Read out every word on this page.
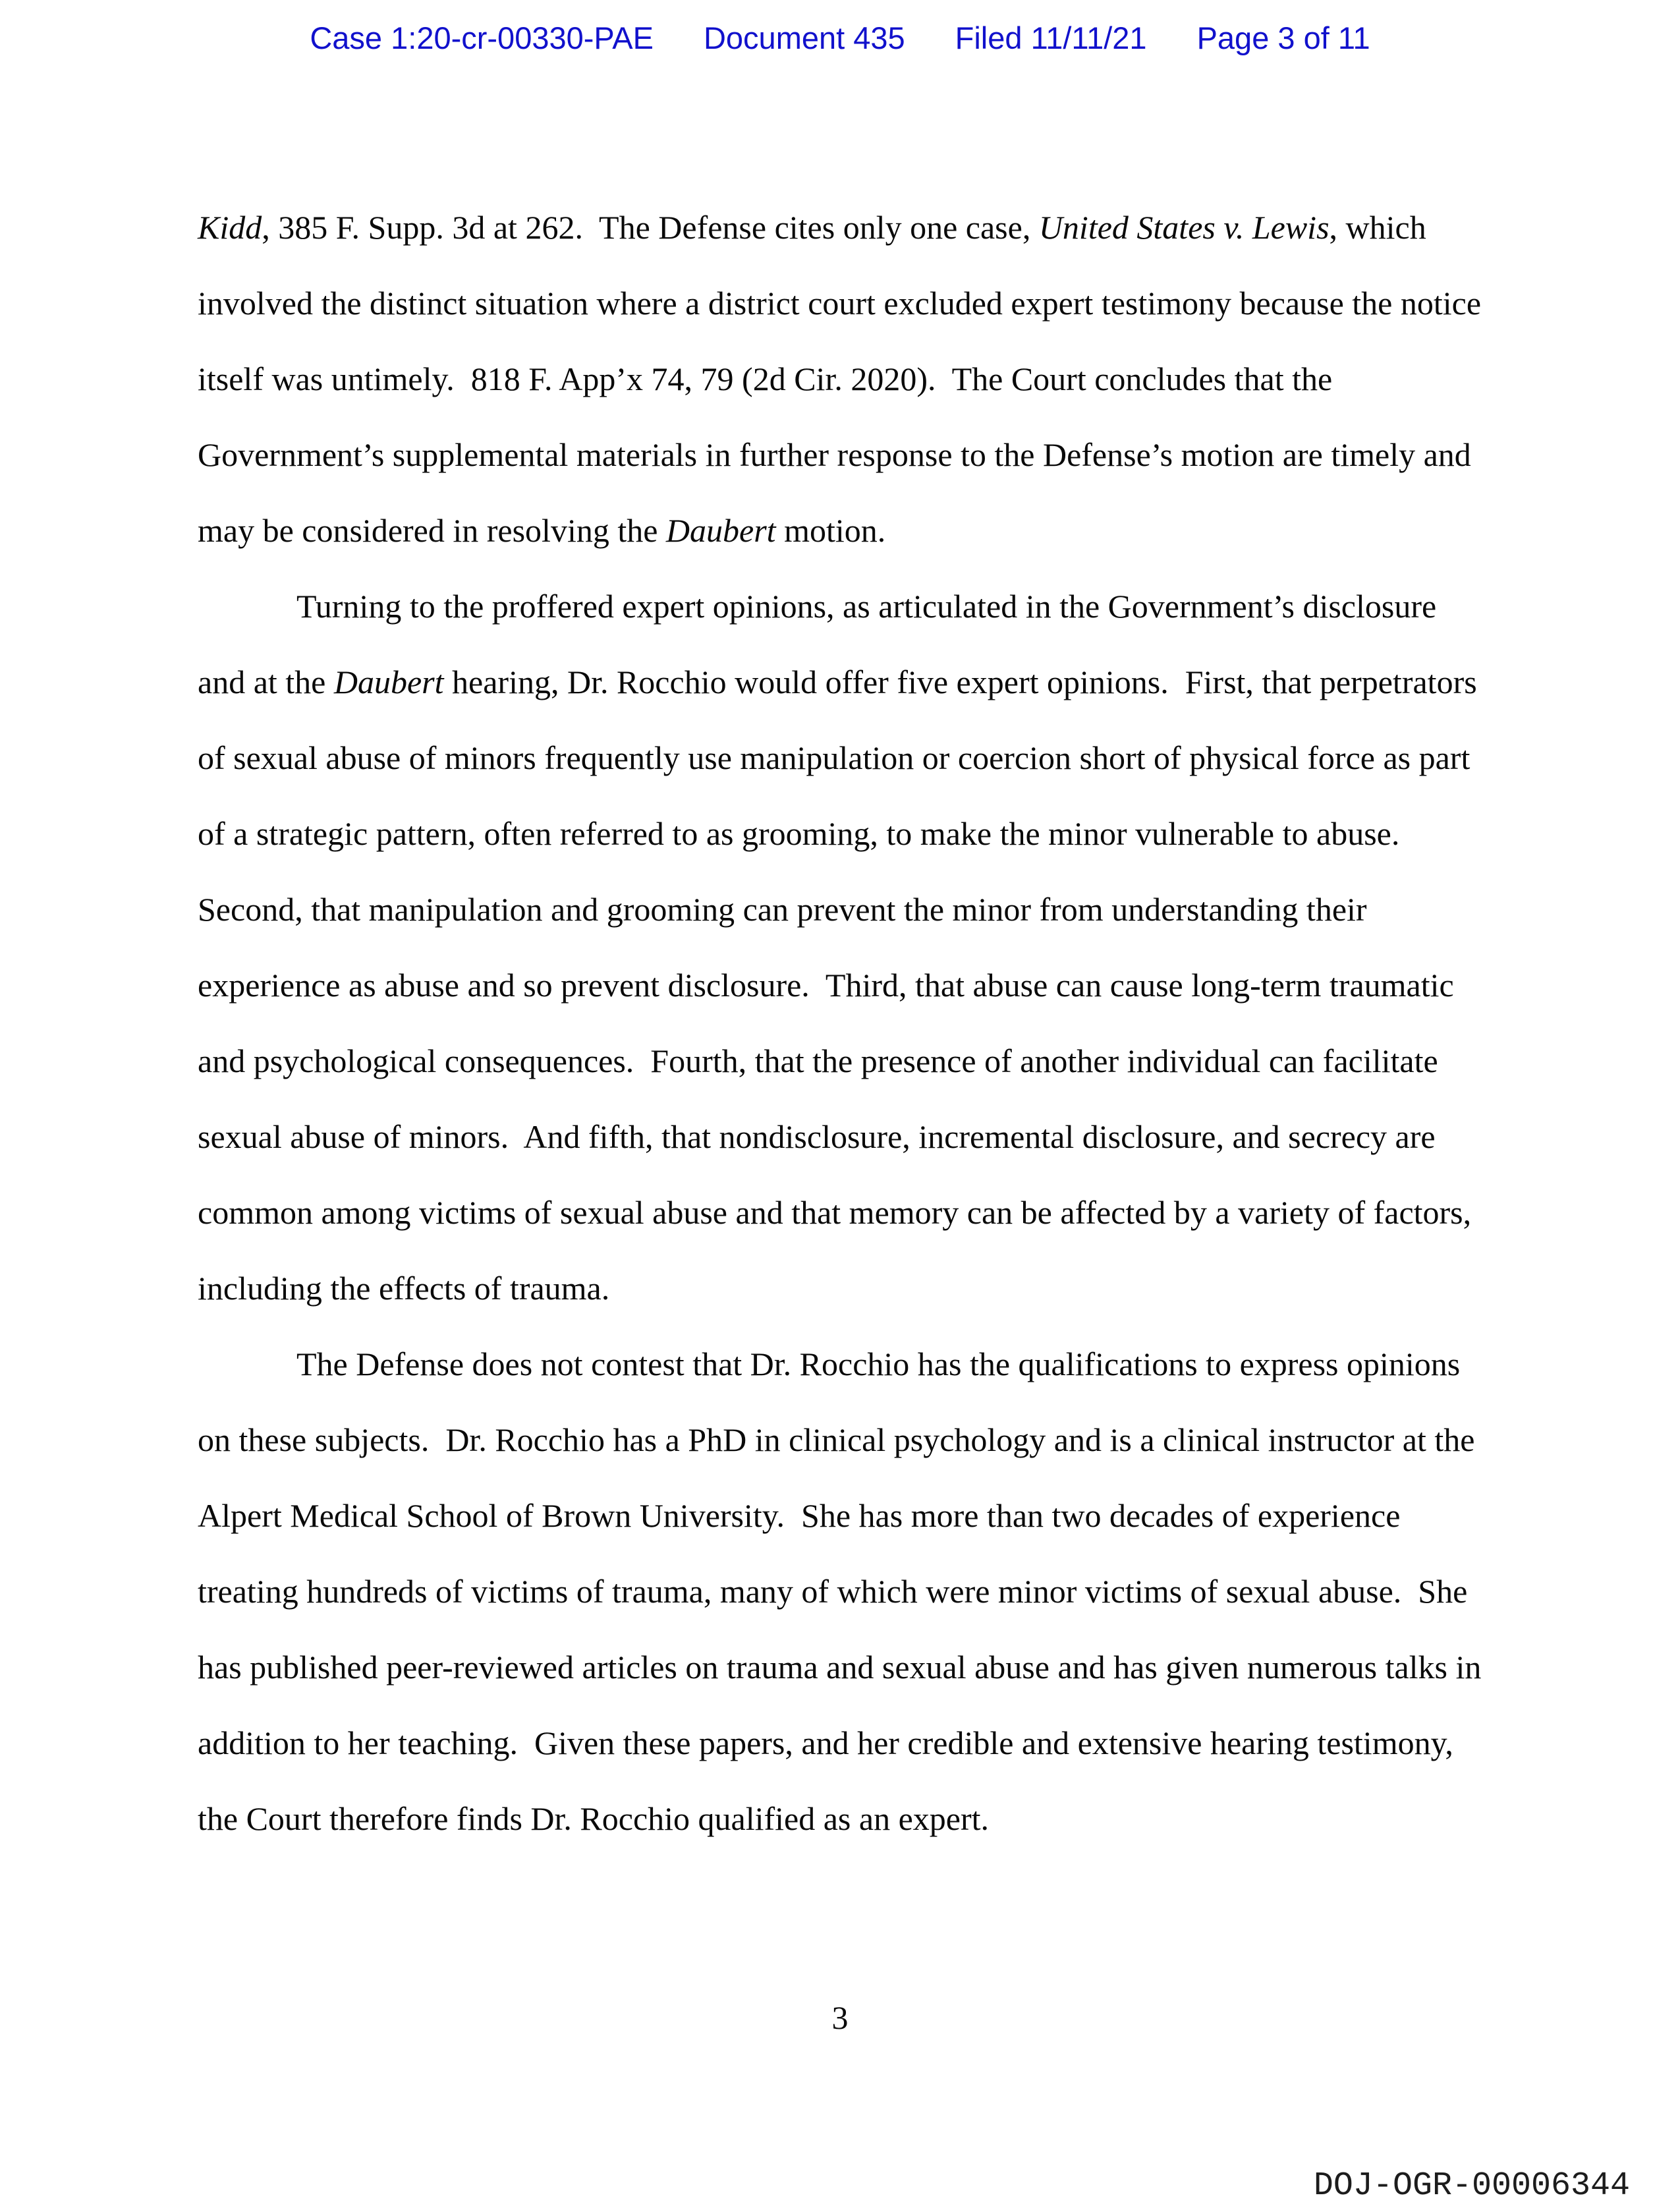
Case 1:20-cr-00330-PAE Document 435 Filed 11/11/21 Page 3 of 11
Kidd, 385 F. Supp. 3d at 262.  The Defense cites only one case, United States v. Lewis, which
involved the distinct situation where a district court excluded expert testimony because the notice
itself was untimely.  818 F. App’x 74, 79 (2d Cir. 2020).  The Court concludes that the
Government’s supplemental materials in further response to the Defense’s motion are timely and
may be considered in resolving the Daubert motion.
Turning to the proffered expert opinions, as articulated in the Government’s disclosure
and at the Daubert hearing, Dr. Rocchio would offer five expert opinions.  First, that perpetrators
of sexual abuse of minors frequently use manipulation or coercion short of physical force as part
of a strategic pattern, often referred to as grooming, to make the minor vulnerable to abuse.
Second, that manipulation and grooming can prevent the minor from understanding their
experience as abuse and so prevent disclosure.  Third, that abuse can cause long-term traumatic
and psychological consequences.  Fourth, that the presence of another individual can facilitate
sexual abuse of minors.  And fifth, that nondisclosure, incremental disclosure, and secrecy are
common among victims of sexual abuse and that memory can be affected by a variety of factors,
including the effects of trauma.
The Defense does not contest that Dr. Rocchio has the qualifications to express opinions
on these subjects.  Dr. Rocchio has a PhD in clinical psychology and is a clinical instructor at the
Alpert Medical School of Brown University.  She has more than two decades of experience
treating hundreds of victims of trauma, many of which were minor victims of sexual abuse.  She
has published peer-reviewed articles on trauma and sexual abuse and has given numerous talks in
addition to her teaching.  Given these papers, and her credible and extensive hearing testimony,
the Court therefore finds Dr. Rocchio qualified as an expert.
3
DOJ-OGR-00006344
